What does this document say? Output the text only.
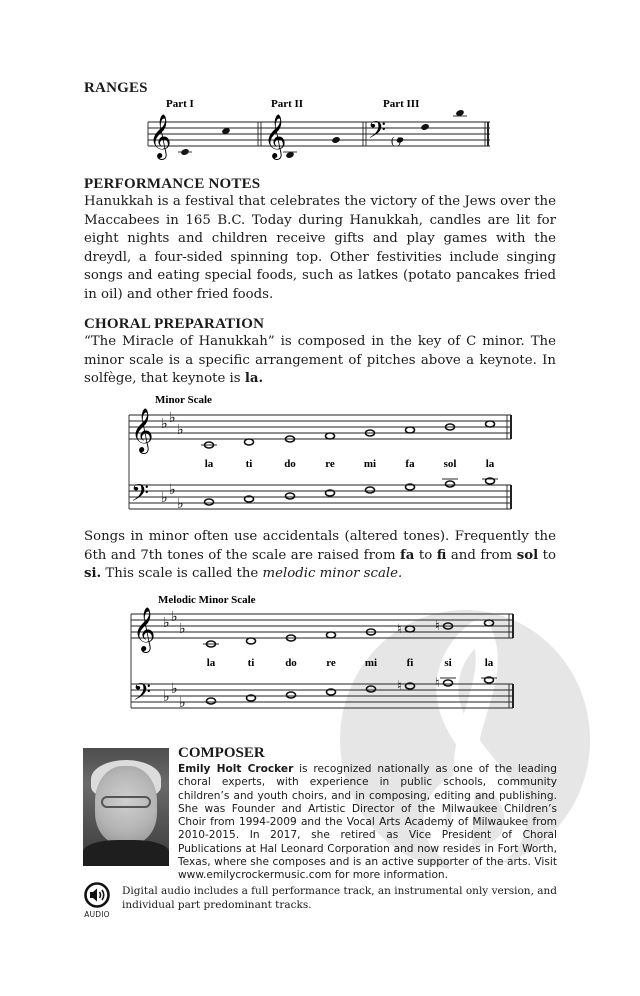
RANGES
Part I	Part II	Part III
𝄞 𝄞	𝄢 ( )
PERFORMANCE NOTES
Hanukkah is a festival that celebrates the victory of the Jews over the Maccabees in 165 B.C. Today during Hanukkah, candles are lit for eight nights and children receive gifts and play games with the dreydl, a four-sided spinning top. Other festivities include singing songs and eating special foods, such as latkes (potato pancakes fried in oil) and other fried foods.
CHORAL PREPARATION
“The Miracle of Hanukkah” is composed in the key of C minor. The minor scale is a specific arrangement of pitches above a keynote. In solfège, that keynote is la.
Minor Scale
𝄞
𝄢
♭ ♭
♭
♭
♭
♭
la	ti	do	re	mi	fa	sol	la
Songs in minor often use accidentals (altered tones). Frequently the 6th and 7th tones of the scale are raised from fa to fi and from sol to si. This scale is called the melodic minor scale.
Melodic Minor Scale
𝄞
𝄢
♭ ♭
♭
♭
♭
♭
♮	♮
♮	♮
la	ti	do	re	mi	fi	si	la
COMPOSER
Emily Holt Crocker is recognized nationally as one of the leading choral experts, with experience in public schools, community children’s and youth choirs, and in composing, editing and publishing. She was Founder and Artistic Director of the Milwaukee Children’s Choir from 1994-2009 and the Vocal Arts Academy of Milwaukee from 2010-2015. In 2017, she retired as Vice President of Choral Publications at Hal Leonard Corporation and now resides in Fort Worth, Texas, where she composes and is an active supporter of the arts. Visit www.emilycrockermusic.com for more information.
AUDIO
Digital audio includes a full performance track, an instrumental only version, and individual part predominant tracks.
